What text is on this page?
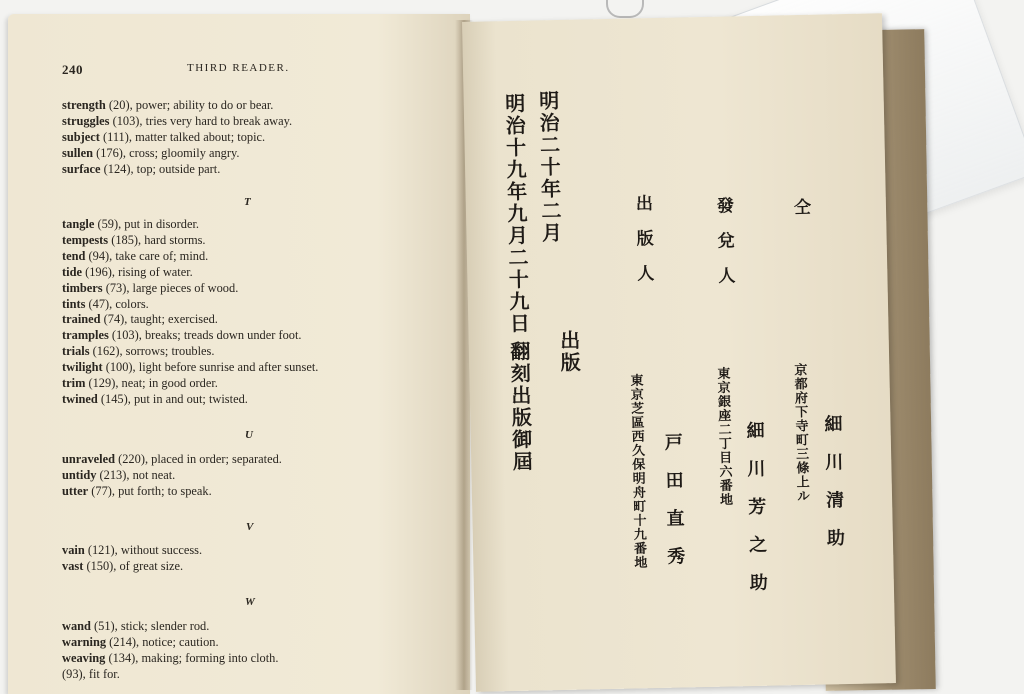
240	THIRD READER.
strength (20), power; ability to do or bear.
struggles (103), tries very hard to break away.
subject (111), matter talked about; topic.
sullen (176), cross; gloomily angry.
surface (124), top; outside part.
T
tangle (59), put in disorder.
tempests (185), hard storms.
tend (94), take care of; mind.
tide (196), rising of water.
timbers (73), large pieces of wood.
tints (47), colors.
trained (74), taught; exercised.
tramples (103), breaks; treads down under foot.
trials (162), sorrows; troubles.
twilight (100), light before sunrise and after sunset.
trim (129), neat; in good order.
twined (145), put in and out; twisted.
U
unraveled (220), placed in order; separated.
untidy (213), not neat.
utter (77), put forth; to speak.
V
vain (121), without success.
vast (150), of great size.
W
wand (51), stick; slender rod.
warning (214), notice; caution.
weaving (134), making; forming into cloth.
(93), fit for.
明治二十年二月
明治十九年九月二十九日
翻刻出版御屆 出版
仝
發兌人
出版人
京都府下寺町三條上ル 細川清助
東京銀座二丁目六番地 細川芳之助
東京芝區西久保明舟町十九番地 戸田直秀
